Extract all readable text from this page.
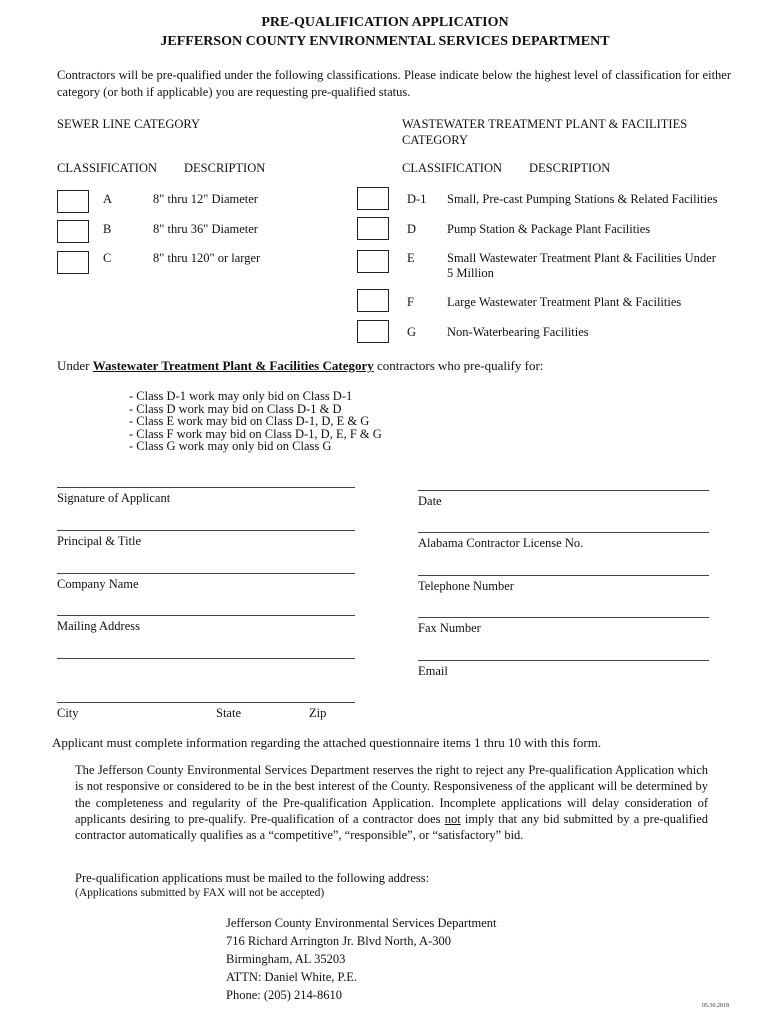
PRE-QUALIFICATION APPLICATION
JEFFERSON COUNTY ENVIRONMENTAL SERVICES DEPARTMENT
Contractors will be pre-qualified under the following classifications. Please indicate below the highest level of classification for either category (or both if applicable) you are requesting pre-qualified status.
SEWER LINE CATEGORY
CLASSIFICATION DESCRIPTION
A	8" thru 12" Diameter
B	8" thru 36" Diameter
C	8" thru 120" or larger
WASTEWATER TREATMENT PLANT & FACILITIES
CATEGORY
CLASSIFICATION DESCRIPTION
D-1 Small, Pre-cast Pumping Stations & Related Facilities
D Pump Station & Package Plant Facilities
E	Small Wastewater Treatment Plant & Facilities Under
5 Million
F	Large Wastewater Treatment Plant & Facilities
G Non-Waterbearing Facilities
Under Wastewater Treatment Plant & Facilities Category contractors who pre-qualify for:
- Class D-1 work may only bid on Class D-1
- Class D work may bid on Class D-1 & D
- Class E work may bid on Class D-1, D, E & G
- Class F work may bid on Class D-1, D, E, F & G
- Class G work may only bid on Class G
Signature of Applicant
Principal & Title
Company Name
Mailing Address
City	State	Zip
Date
Alabama Contractor License No.
Telephone Number
Fax Number
Email
Applicant must complete information regarding the attached questionnaire items 1 thru 10 with this form.
The Jefferson County Environmental Services Department reserves the right to reject any Pre-qualification Application which is not responsive or considered to be in the best interest of the County. Responsiveness of the applicant will be determined by the completeness and regularity of the Pre-qualification Application. Incomplete applications will delay consideration of applicants desiring to pre-qualify. Pre-qualification of a contractor does not imply that any bid submitted by a pre-qualified contractor automatically qualifies as a “competitive”, “responsible”, or “satisfactory” bid.
Pre-qualification applications must be mailed to the following address:
(Applications submitted by FAX will not be accepted)
Jefferson County Environmental Services Department
716 Richard Arrington Jr. Blvd North, A-300
Birmingham, AL 35203
ATTN: Daniel White, P.E.
Phone: (205) 214-8610
05.30.2018
